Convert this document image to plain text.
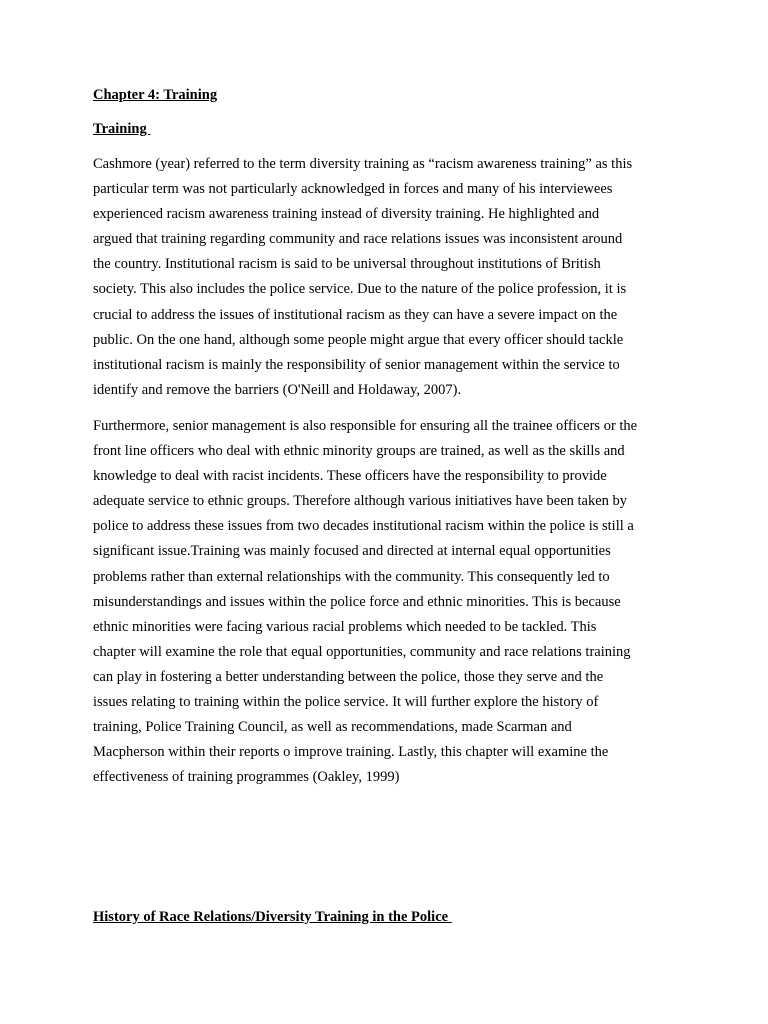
Chapter 4: Training
Training

Cashmore (year) referred to the term diversity training as “racism awareness training” as this
particular term was not particularly acknowledged in forces and many of his interviewees
experienced racism awareness training instead of diversity training. He highlighted and
argued that training regarding community and race relations issues was inconsistent around
the country. Institutional racism is said to be universal throughout institutions of British
society. This also includes the police service. Due to the nature of the police profession, it is
crucial to address the issues of institutional racism as they can have a severe impact on the
public. On the one hand, although some people might argue that every officer should tackle
institutional racism is mainly the responsibility of senior management within the service to
identify and remove the barriers (O'Neill and Holdaway, 2007).

Furthermore, senior management is also responsible for ensuring all the trainee officers or the
front line officers who deal with ethnic minority groups are trained, as well as the skills and
knowledge to deal with racist incidents. These officers have the responsibility to provide
adequate service to ethnic groups. Therefore although various initiatives have been taken by
police to address these issues from two decades institutional racism within the police is still a
significant issue.Training was mainly focused and directed at internal equal opportunities
problems rather than external relationships with the community. This consequently led to
misunderstandings and issues within the police force and ethnic minorities. This is because
ethnic minorities were facing various racial problems which needed to be tackled. This
chapter will examine the role that equal opportunities, community and race relations training
can play in fostering a better understanding between the police, those they serve and the
issues relating to training within the police service. It will further explore the history of
training, Police Training Council, as well as recommendations, made Scarman and
Macpherson within their reports o improve training. Lastly, this chapter will examine the
effectiveness of training programmes (Oakley, 1999)

History of Race Relations/Diversity Training in the Police
